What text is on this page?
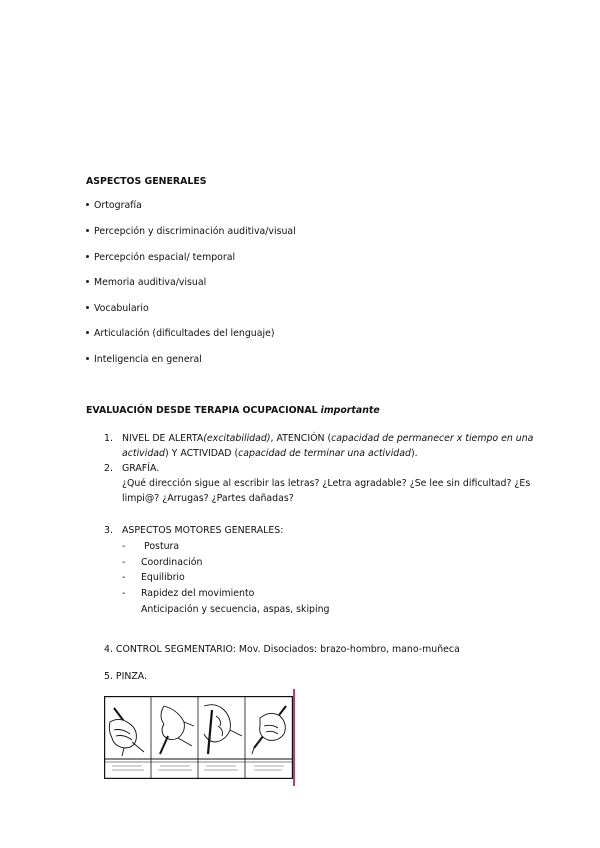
ASPECTOS GENERALES
Ortografía
Percepción y discriminación auditiva/visual
Percepción espacial/ temporal
Memoria auditiva/visual
Vocabulario
Articulación (dificultades del lenguaje)
Inteligencia en general
EVALUACIÓN DESDE TERAPIA OCUPACIONAL importante
1. NIVEL DE ALERTA(excitabilidad), ATENCIÓN (capacidad de permanecer x tiempo en una
actividad) Y ACTIVIDAD (capacidad de terminar una actividad).
2. GRAFÍA.
¿Qué dirección sigue al escribir las letras? ¿Letra agradable? ¿Se lee sin dificultad? ¿Es
limpi@? ¿Arrugas? ¿Partes dañadas?
3. ASPECTOS MOTORES GENERALES:
- Postura
- Coordinación
- Equilibrio
- Rapidez del movimiento
Anticipación y secuencia, aspas, skiping
4. CONTROL SEGMENTARIO: Mov. Disociados: brazo-hombro, mano-muñeca
5. PINZA.
